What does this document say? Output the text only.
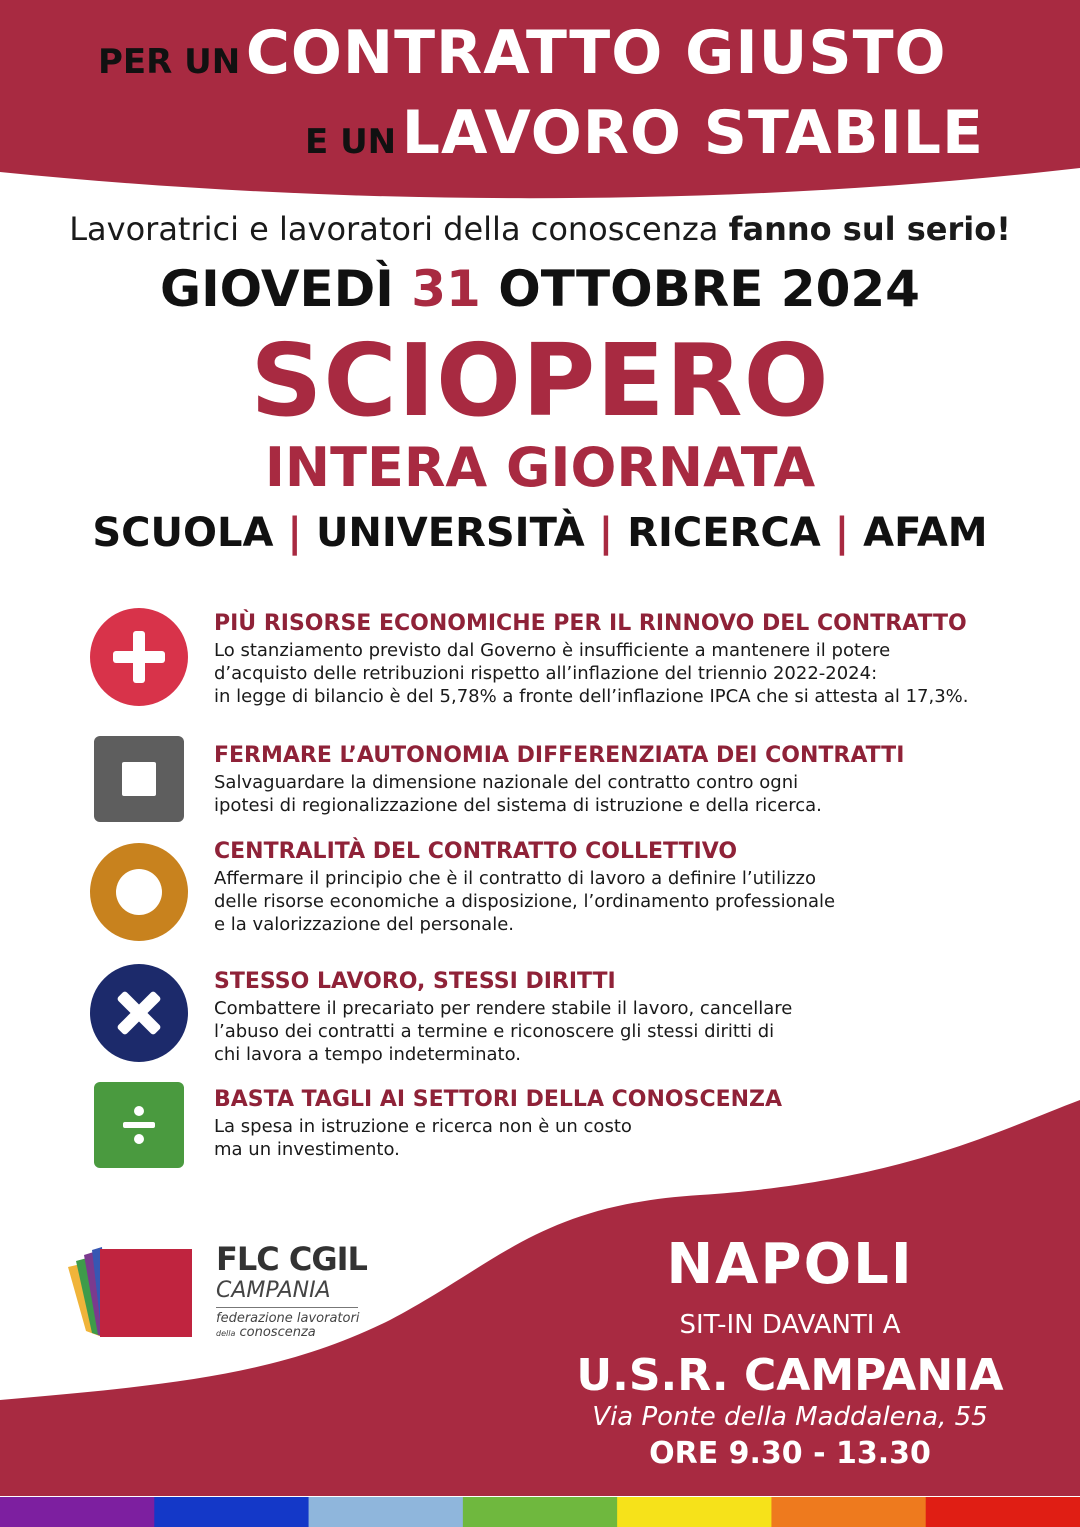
PER UN CONTRATTO GIUSTO
E UN LAVORO STABILE
Lavoratrici e lavoratori della conoscenza fanno sul serio!
GIOVEDÌ 31 OTTOBRE 2024
SCIOPERO
INTERA GIORNATA
SCUOLA | UNIVERSITÀ | RICERCA | AFAM
PIÙ RISORSE ECONOMICHE PER IL RINNOVO DEL CONTRATTO
Lo stanziamento previsto dal Governo è insufficiente a mantenere il potere
d’acquisto delle retribuzioni rispetto all’inflazione del triennio 2022-2024:
in legge di bilancio è del 5,78% a fronte dell’inflazione IPCA che si attesta al 17,3%.
FERMARE L’AUTONOMIA DIFFERENZIATA DEI CONTRATTI
Salvaguardare la dimensione nazionale del contratto contro ogni
ipotesi di regionalizzazione del sistema di istruzione e della ricerca.
CENTRALITÀ DEL CONTRATTO COLLETTIVO
Affermare il principio che è il contratto di lavoro a definire l’utilizzo
delle risorse economiche a disposizione, l’ordinamento professionale
e la valorizzazione del personale.
STESSO LAVORO, STESSI DIRITTI
Combattere il precariato per rendere stabile il lavoro, cancellare
l’abuso dei contratti a termine e riconoscere gli stessi diritti di
chi lavora a tempo indeterminato.
BASTA TAGLI AI SETTORI DELLA CONOSCENZA
La spesa in istruzione e ricerca non è un costo
ma un investimento.
FLC CGIL
CAMPANIA
federazione lavoratori
della conoscenza
NAPOLI
SIT-IN DAVANTI A
U.S.R. CAMPANIA
Via Ponte della Maddalena, 55
ORE 9.30 - 13.30
